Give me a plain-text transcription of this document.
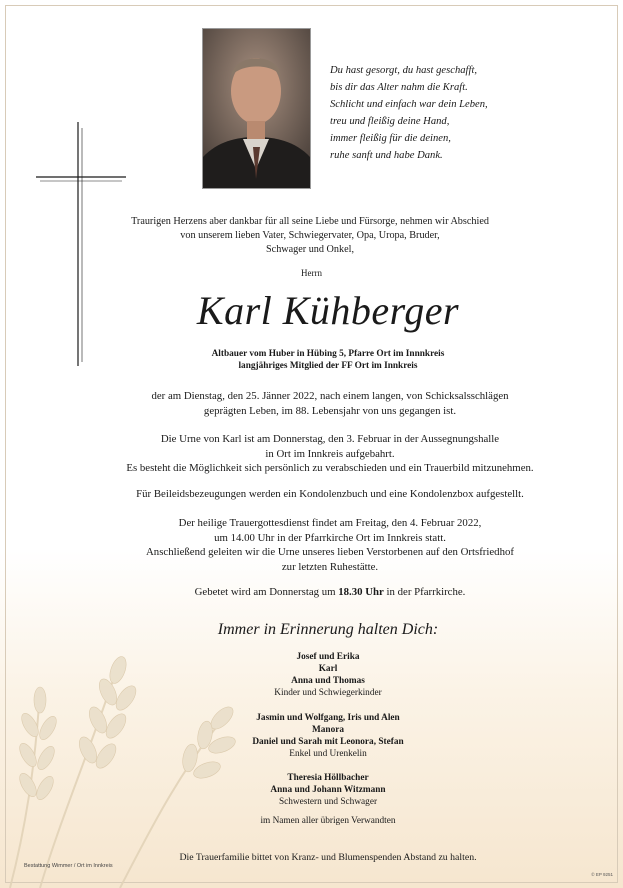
Du hast gesorgt, du hast geschafft,
bis dir das Alter nahm die Kraft.
Schlicht und einfach war dein Leben,
treu und fleißig deine Hand,
immer fleißig für die deinen,
ruhe sanft und habe Dank.
Traurigen Herzens aber dankbar für all seine Liebe und Fürsorge, nehmen wir Abschied
von unserem lieben Vater, Schwiegervater, Opa, Uropa, Bruder,
Schwager und Onkel,
Herrn
Karl Kühberger
Altbauer vom Huber in Hübing 5, Pfarre Ort im Innnkreis
langjähriges Mitglied der FF Ort im Innkreis
der am Dienstag, den 25. Jänner 2022, nach einem langen, von Schicksalsschlägen
geprägten Leben, im 88. Lebensjahr von uns gegangen ist.
Die Urne von Karl ist am Donnerstag, den 3. Februar in der Aussegnungshalle
in Ort im Innkreis aufgebahrt.
Es besteht die Möglichkeit sich persönlich zu verabschieden und ein Trauerbild mitzunehmen.
Für Beileidsbezeugungen werden ein Kondolenzbuch und eine Kondolenzbox aufgestellt.
Der heilige Trauergottesdienst findet am Freitag, den 4. Februar 2022,
um 14.00 Uhr in der Pfarrkirche Ort im Innkreis statt.
Anschließend geleiten wir die Urne unseres lieben Verstorbenen auf den Ortsfriedhof
zur letzten Ruhestätte.
Gebetet wird am Donnerstag um 18.30 Uhr in der Pfarrkirche.
Immer in Erinnerung halten Dich:
Josef und Erika
Karl
Anna und Thomas
Kinder und Schwiegerkinder
Jasmin und Wolfgang, Iris und Alen
Manora
Daniel und Sarah mit Leonora, Stefan
Enkel und Urenkelin
Theresia Höllbacher
Anna und Johann Witzmann
Schwestern und Schwager
im Namen aller übrigen Verwandten
Die Trauerfamilie bittet von Kranz- und Blumenspenden Abstand zu halten.
Bestattung Wimmer / Ort im Innkreis
© EP 9251
